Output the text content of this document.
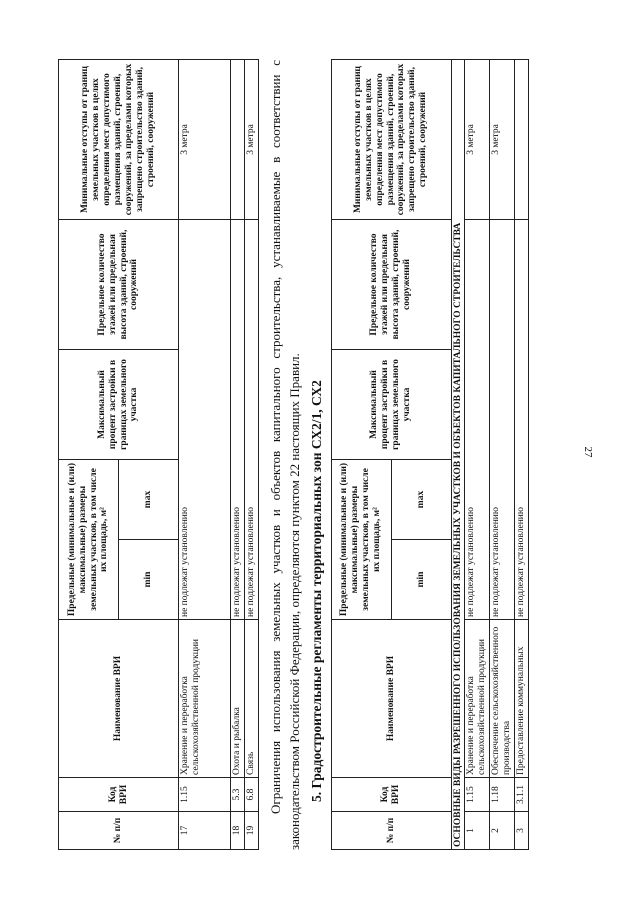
27
№ п/п	Код ВРИ	Наименование ВРИ	Предельные (минимальные и (или) максимальные) размеры земельных участков, в том числе их площадь, м²		Максимальный процент застройки в границах земельного участка	Предельное количество этажей или предельная высота зданий, строений, сооружений	Минимальные отступы от границ земельных участков в целях определения мест допустимого размещения зданий, строений, сооружений, за пределами которых запрещено строительство зданий, строений, сооружений
			min	max			
17	1.15	Хранение и переработка сельскохозяйственной продукции	не подлежат установлению				3 метра
18	5.3	Охота и рыбалка	не подлежат установлению				
19	6.8	Связь	не подлежат установлению				3 метра Ограничения использования земельных участков и объектов капитального строительства, устанавливаемые в соответствии с законодательством Российской Федерации, определяются пунктом 22 настоящих Правил. 5. Градостроительные регламенты территориальных зон СХ2/1, СХ2
№ п/п	Код ВРИ	Наименование ВРИ	Предельные (минимальные и (или) максимальные) размеры земельных участков, в том числе их площадь, м²		Максимальный процент застройки в границах земельного участка	Предельное количество этажей или предельная высота зданий, строений, сооружений	Минимальные отступы от границ земельных участков в целях определения мест допустимого размещения зданий, строений, сооружений, за пределами которых запрещено строительство зданий, строений, сооружений
			min	max			
ОСНОВНЫЕ ВИДЫ РАЗРЕШЕННОГО ИСПОЛЬЗОВАНИЯ ЗЕМЕЛЬНЫХ УЧАСТКОВ И ОБЪЕКТОВ КАПИТАЛЬНОГО СТРОИТЕЛЬСТВА							
1	1.15	Хранение и переработка сельскохозяйственной продукции	не подлежат установлению				3 метра
2	1.18	Обеспечение сельскохозяйственного производства	не подлежат установлению				3 метра
3	3.1.1	Предоставление коммунальных	не подлежат установлению				
